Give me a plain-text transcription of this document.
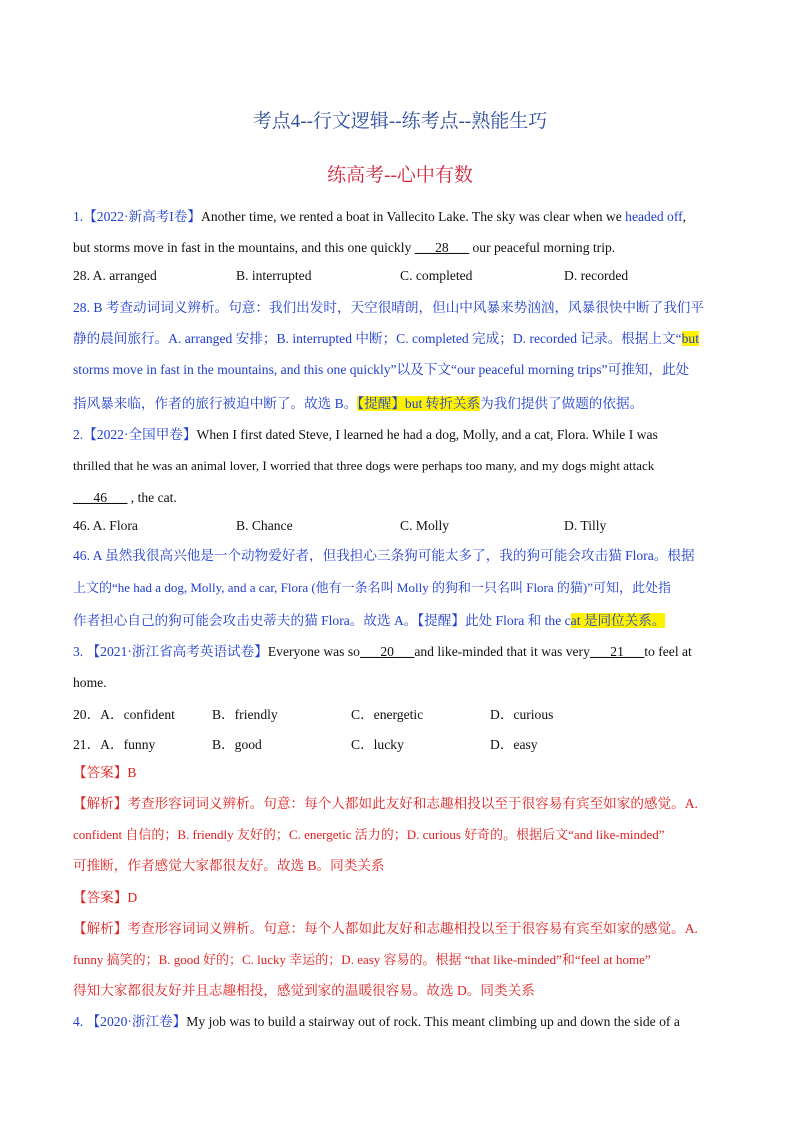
考点4--行文逻辑--练考点--熟能生巧
练高考--心中有数
1.【2022·新高考I卷】Another time, we rented a boat in Vallecito Lake. The sky was clear when we headed off,
but storms move in fast in the mountains, and this one quickly ___28___ our peaceful morning trip.
28. A. arranged	B. interrupted	C. completed	D. recorded
28. B 考查动词词义辨析。句意：我们出发时，天空很晴朗，但山中风暴来势汹汹，风暴很快中断了我们平
静的晨间旅行。A. arranged 安排；B. interrupted 中断；C. completed 完成；D. recorded 记录。根据上文“but
storms move in fast in the mountains, and this one quickly”以及下文“our peaceful morning trips”可推知，此处
指风暴来临，作者的旅行被迫中断了。故选 B。【提醒】but 转折关系为我们提供了做题的依据。
2.【2022·全国甲卷】When I first dated Steve, I learned he had a dog, Molly, and a cat, Flora. While I was
thrilled that he was an animal lover, I worried that three dogs were perhaps too many, and my dogs might attack
___46___ , the cat.
46. A. Flora	B. Chance	C. Molly	D. Tilly
46. A 虽然我很高兴他是一个动物爱好者，但我担心三条狗可能太多了，我的狗可能会攻击猫 Flora。根据
上文的“he had a dog, Molly, and a car, Flora (他有一条名叫 Molly 的狗和一只名叫 Flora 的猫)”可知，此处指
作者担心自己的狗可能会攻击史蒂夫的猫 Flora。故选 A。【提醒】此处 Flora 和 the cat 是同位关系。
3. 【2021·浙江省高考英语试卷】Everyone was so___20___and like-minded that it was very___21___to feel at
home.
20．A．confident	B．friendly	C．energetic	D．curious
21．A．funny	B．good	C．lucky	D．easy
【答案】B
【解析】考查形容词词义辨析。句意：每个人都如此友好和志趣相投以至于很容易有宾至如家的感觉。A.
confident 自信的；B. friendly 友好的；C. energetic 活力的；D. curious 好奇的。根据后文“and like-minded”
可推断，作者感觉大家都很友好。故选 B。同类关系
【答案】D
【解析】考查形容词词义辨析。句意：每个人都如此友好和志趣相投以至于很容易有宾至如家的感觉。A.
funny 搞笑的；B. good 好的；C. lucky 幸运的；D. easy 容易的。根据 “that like-minded”和“feel at home”
得知大家都很友好并且志趣相投，感觉到家的温暖很容易。故选 D。同类关系
4. 【2020·浙江卷】My job was to build a stairway out of rock. This meant climbing up and down the side of a
